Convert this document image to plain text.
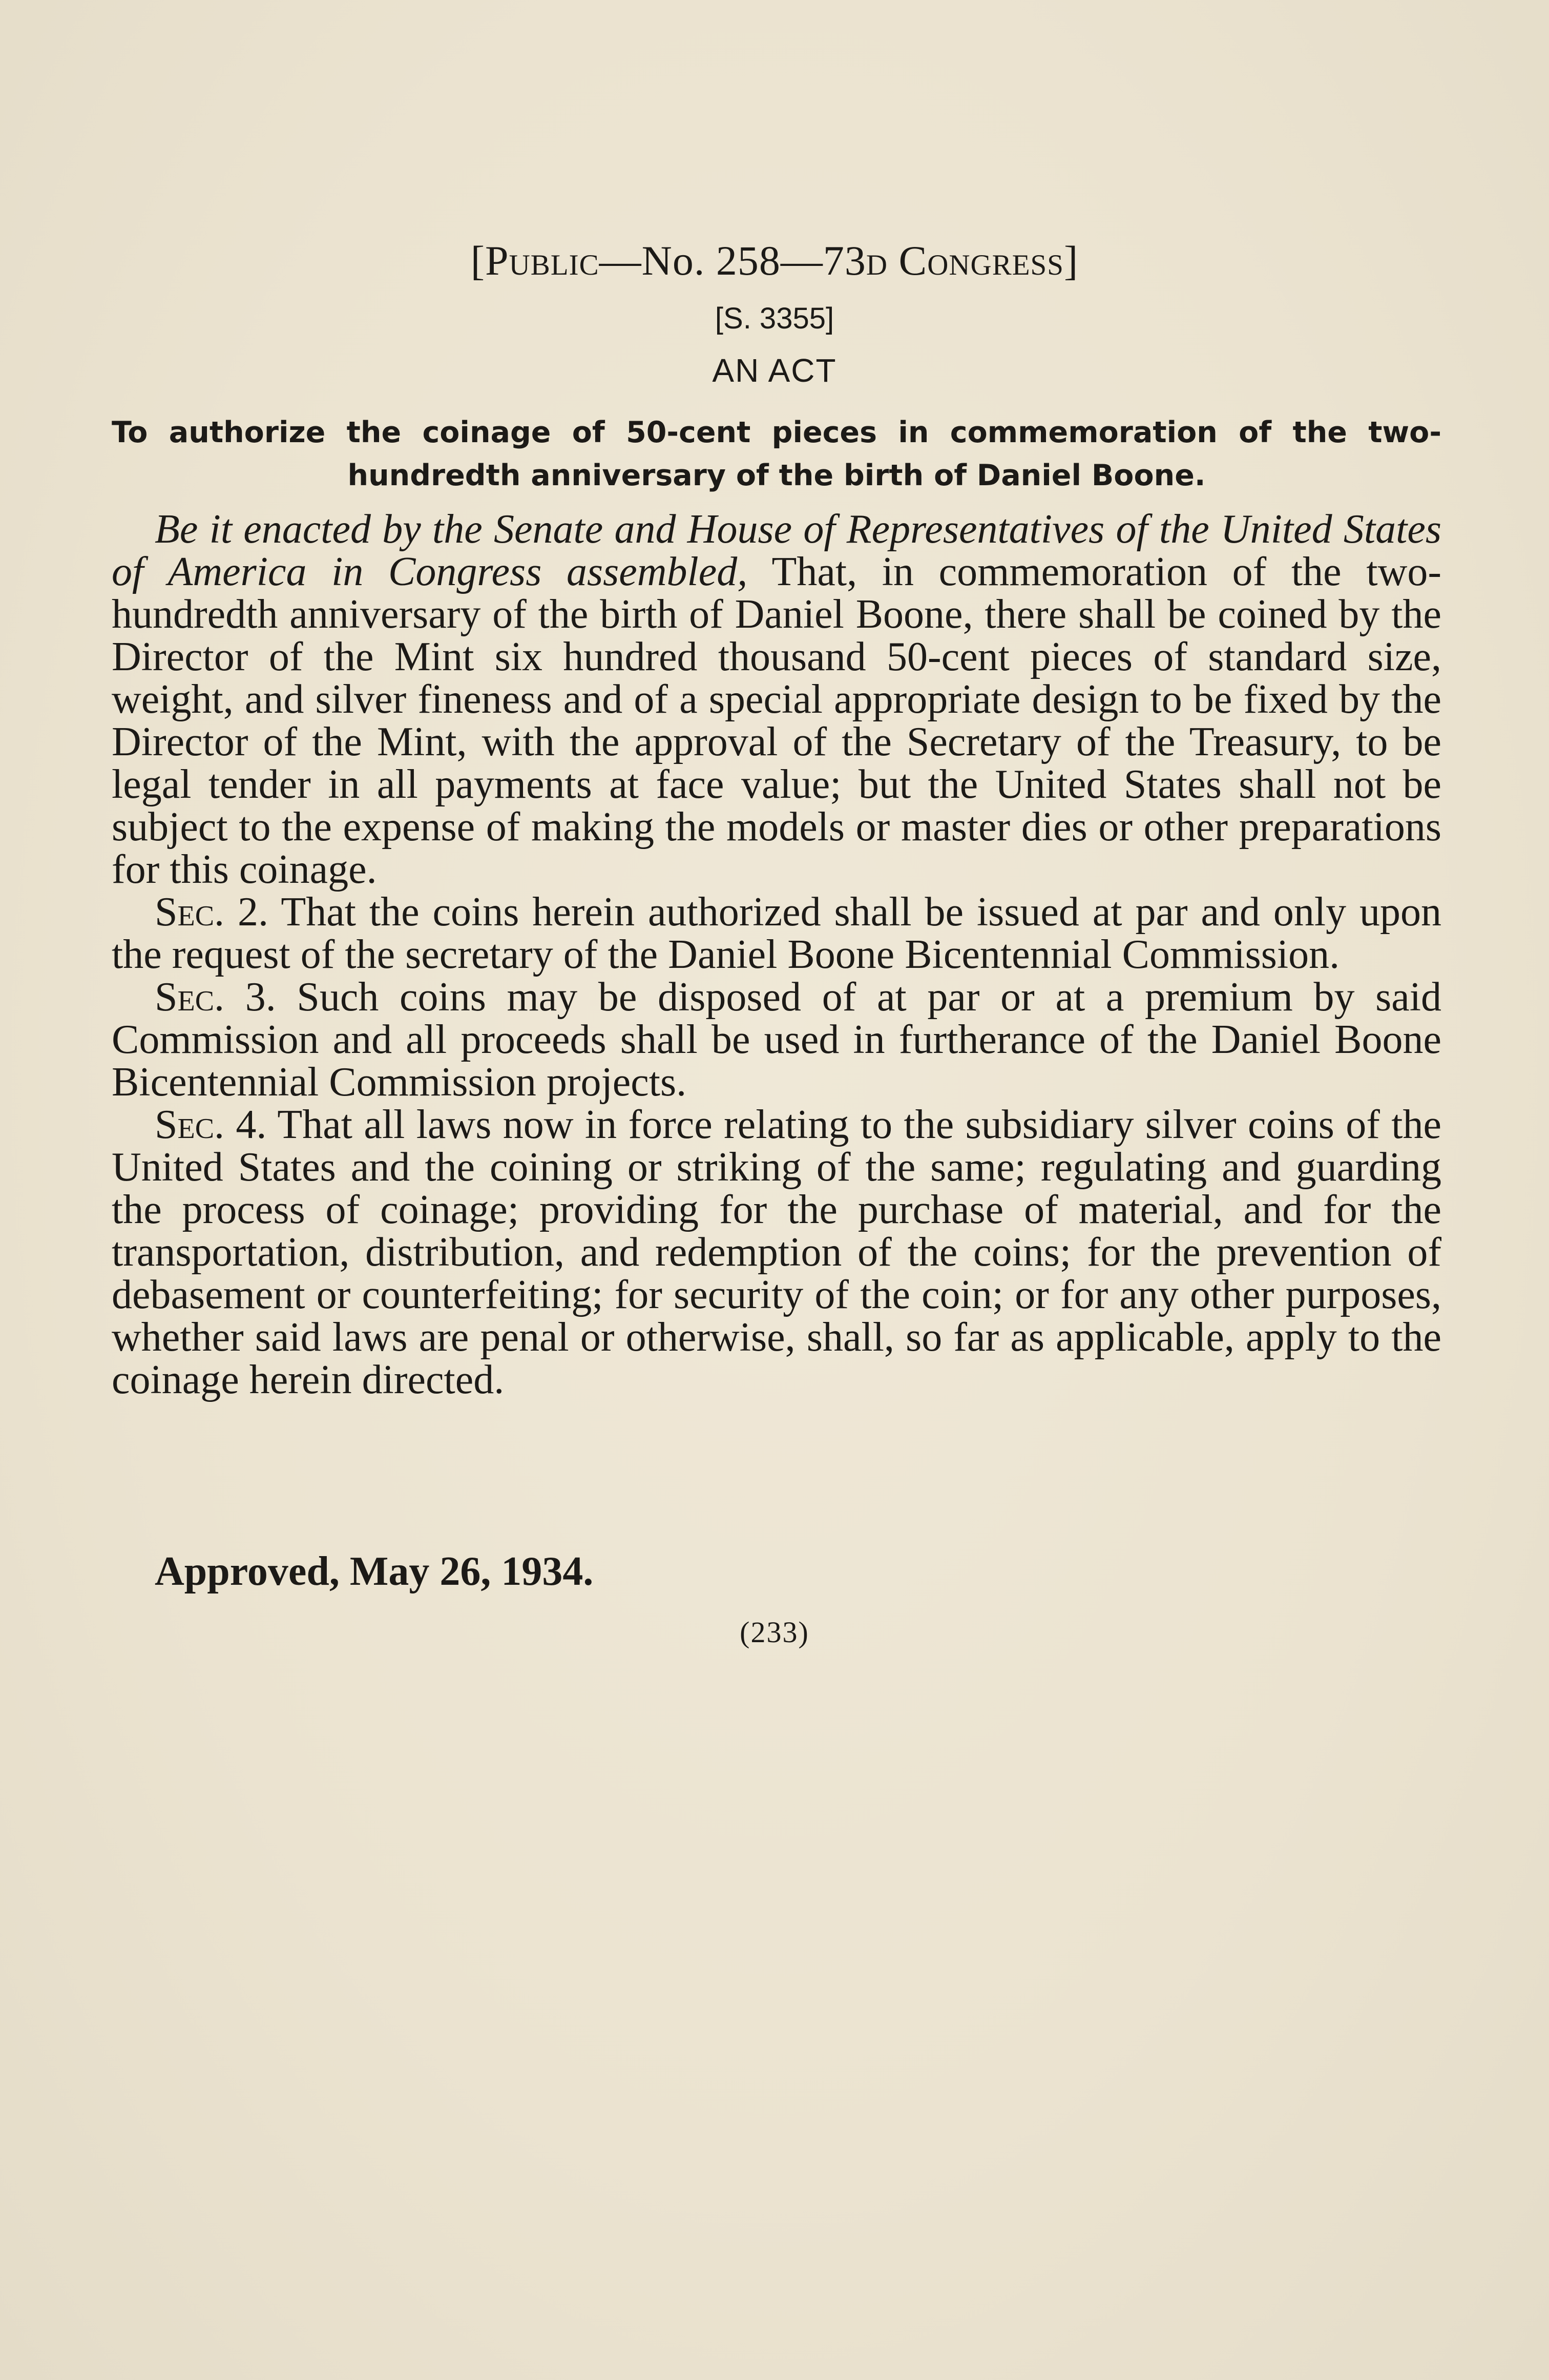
[Public—No. 258—73d Congress]
[S. 3355]
AN ACT
To authorize the coinage of 50-cent pieces in commemoration of the two-hundredth anniversary of the birth of Daniel Boone.

Be it enacted by the Senate and House of Representatives of the United States of America in Congress assembled, That, in commemoration of the two-hundredth anniversary of the birth of Daniel Boone, there shall be coined by the Director of the Mint six hundred thousand 50-cent pieces of standard size, weight, and silver fineness and of a special appropriate design to be fixed by the Director of the Mint, with the approval of the Secretary of the Treasury, to be legal tender in all payments at face value; but the United States shall not be subject to the expense of making the models or master dies or other preparations for this coinage.

Sec. 2. That the coins herein authorized shall be issued at par and only upon the request of the secretary of the Daniel Boone Bicentennial Commission.

Sec. 3. Such coins may be disposed of at par or at a premium by said Commission and all proceeds shall be used in furtherance of the Daniel Boone Bicentennial Commission projects.

Sec. 4. That all laws now in force relating to the subsidiary silver coins of the United States and the coining or striking of the same; regulating and guarding the process of coinage; providing for the purchase of material, and for the transportation, distribution, and redemption of the coins; for the prevention of debasement or counterfeiting; for security of the coin; or for any other purposes, whether said laws are penal or otherwise, shall, so far as applicable, apply to the coinage herein directed.

Approved, May 26, 1934.
(233)
